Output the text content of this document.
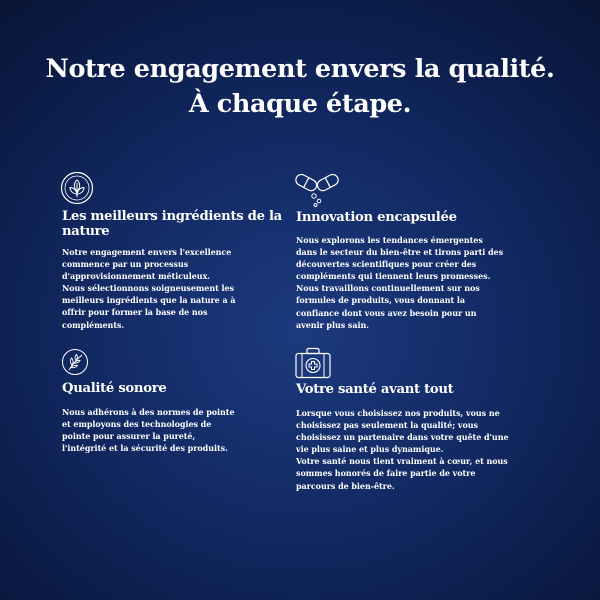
Notre engagement envers la qualité.
À chaque étape.
Les meilleurs ingrédients de la
nature

Notre engagement envers l'excellence
commence par un processus
d'approvisionnement méticuleux.
Nous sélectionnons soigneusement les
meilleurs ingrédients que la nature a à
offrir pour former la base de nos
compléments.

Innovation encapsulée

Nous explorons les tendances émergentes
dans le secteur du bien-être et tirons parti des
découvertes scientifiques pour créer des
compléments qui tiennent leurs promesses.
Nous travaillons continuellement sur nos
formules de produits, vous donnant la
confiance dont vous avez besoin pour un
avenir plus sain.

Qualité sonore

Nous adhérons à des normes de pointe
et employons des technologies de
pointe pour assurer la pureté,
l'intégrité et la sécurité des produits.

Votre santé avant tout

Lorsque vous choisissez nos produits, vous ne
choisissez pas seulement la qualité; vous
choisissez un partenaire dans votre quête d'une
vie plus saine et plus dynamique.
Votre santé nous tient vraiment à cœur, et nous
sommes honorés de faire partie de votre
parcours de bien-être.
